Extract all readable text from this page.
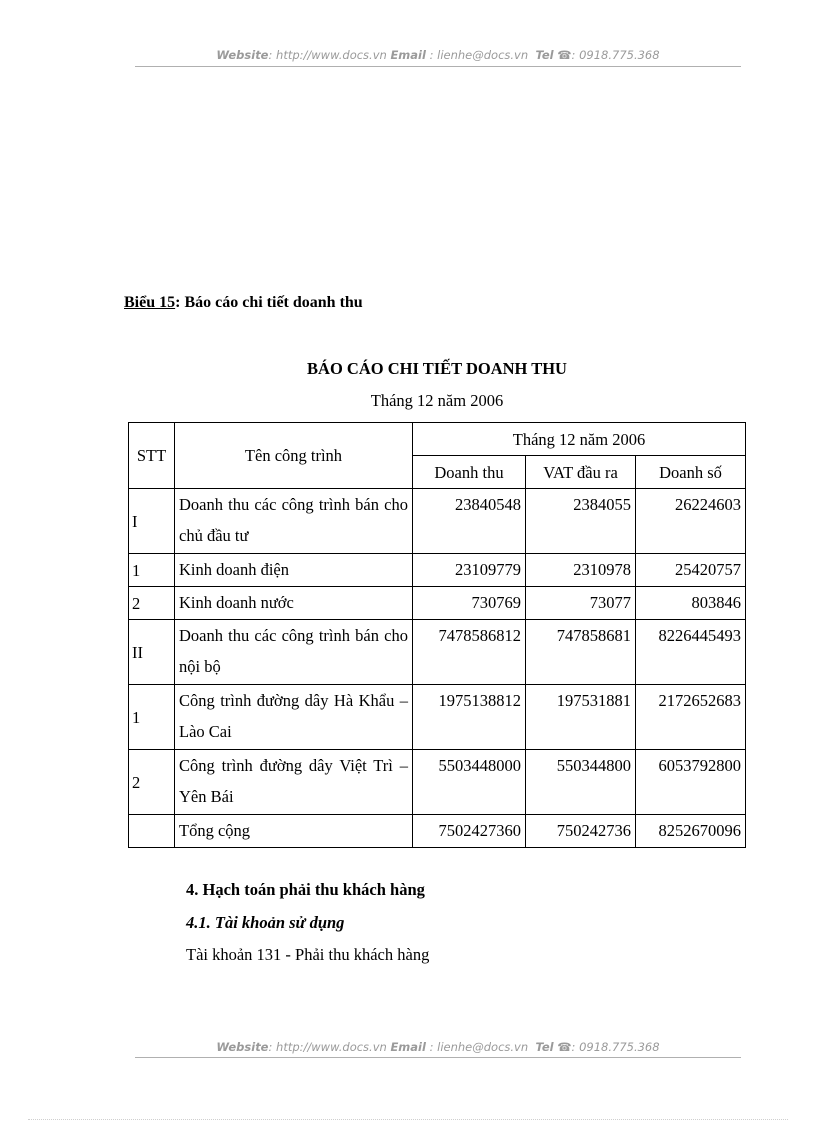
Website: http://www.docs.vn Email : lienhe@docs.vn Tel ☎: 0918.775.368
Biểu 15: Báo cáo chi tiết doanh thu
BÁO CÁO CHI TIẾT DOANH THU
Tháng 12 năm 2006
STT	Tên công trình	Tháng 12 năm 2006		
		Doanh thu	VAT đầu ra	Doanh số
I	Doanh thu các công trình bán cho chủ đầu tư	23840548	2384055	26224603
1	Kinh doanh điện	23109779	2310978	25420757
2	Kinh doanh nước	730769	73077	803846
II	Doanh thu các công trình bán cho nội bộ	7478586812	747858681	8226445493
1	Công trình đường dây Hà Khẩu – Lào Cai	1975138812	197531881	2172652683
2	Công trình đường dây Việt Trì – Yên Bái	5503448000	550344800	6053792800
	Tổng cộng	7502427360	750242736	8252670096
4. Hạch toán phải thu khách hàng
4.1. Tài khoản sử dụng
Tài khoản 131 - Phải thu khách hàng
Website: http://www.docs.vn Email : lienhe@docs.vn Tel ☎: 0918.775.368
